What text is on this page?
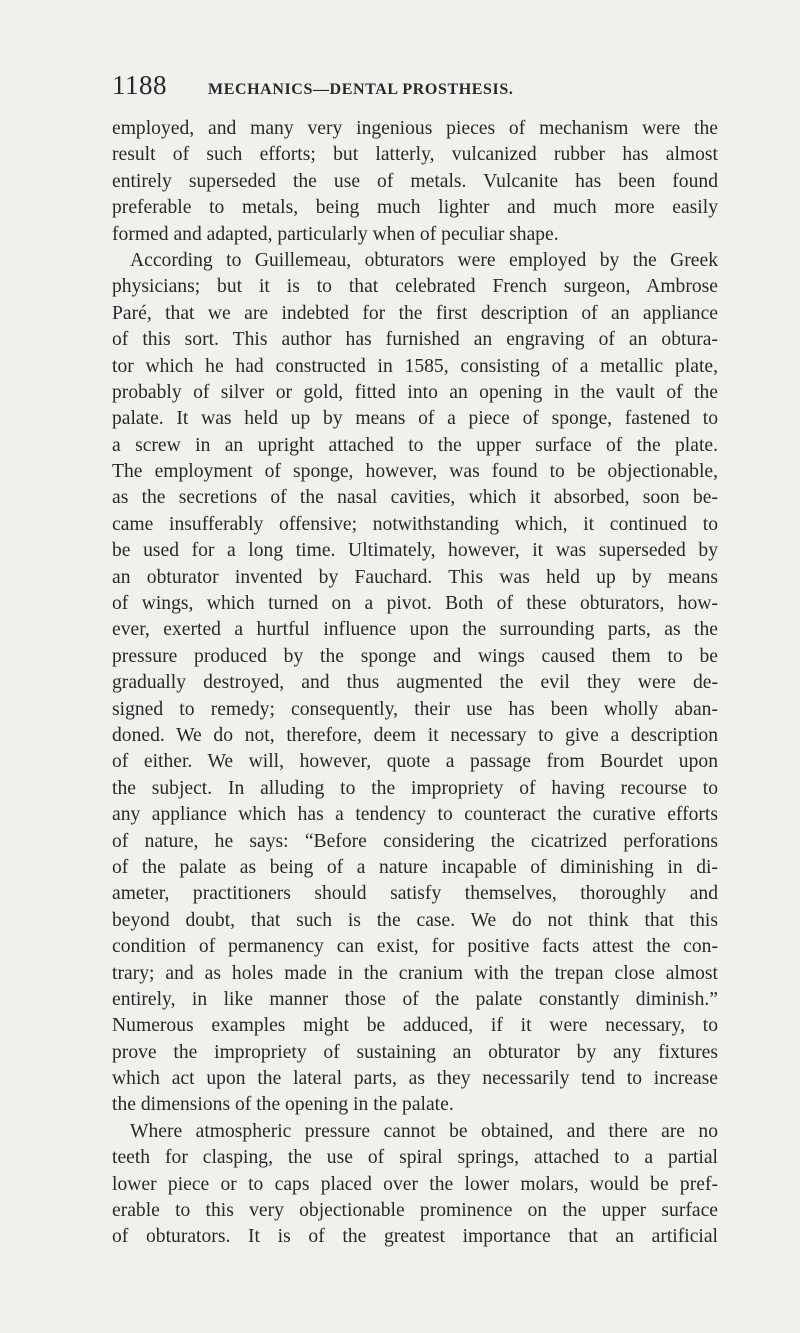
1188	MECHANICS—DENTAL PROSTHESIS.
employed, and many very ingenious pieces of mechanism were the
result of such efforts; but latterly, vulcanized rubber has almost
entirely superseded the use of metals. Vulcanite has been found
preferable to metals, being much lighter and much more easily
formed and adapted, particularly when of peculiar shape.
According to Guillemeau, obturators were employed by the Greek
physicians; but it is to that celebrated French surgeon, Ambrose
Paré, that we are indebted for the first description of an appliance
of this sort. This author has furnished an engraving of an obtura-
tor which he had constructed in 1585, consisting of a metallic plate,
probably of silver or gold, fitted into an opening in the vault of the
palate. It was held up by means of a piece of sponge, fastened to
a screw in an upright attached to the upper surface of the plate.
The employment of sponge, however, was found to be objectionable,
as the secretions of the nasal cavities, which it absorbed, soon be-
came insufferably offensive; notwithstanding which, it continued to
be used for a long time. Ultimately, however, it was superseded by
an obturator invented by Fauchard. This was held up by means
of wings, which turned on a pivot. Both of these obturators, how-
ever, exerted a hurtful influence upon the surrounding parts, as the
pressure produced by the sponge and wings caused them to be
gradually destroyed, and thus augmented the evil they were de-
signed to remedy; consequently, their use has been wholly aban-
doned. We do not, therefore, deem it necessary to give a description
of either. We will, however, quote a passage from Bourdet upon
the subject. In alluding to the impropriety of having recourse to
any appliance which has a tendency to counteract the curative efforts
of nature, he says: “Before considering the cicatrized perforations
of the palate as being of a nature incapable of diminishing in di-
ameter, practitioners should satisfy themselves, thoroughly and
beyond doubt, that such is the case. We do not think that this
condition of permanency can exist, for positive facts attest the con-
trary; and as holes made in the cranium with the trepan close almost
entirely, in like manner those of the palate constantly diminish.”
Numerous examples might be adduced, if it were necessary, to
prove the impropriety of sustaining an obturator by any fixtures
which act upon the lateral parts, as they necessarily tend to increase
the dimensions of the opening in the palate.
Where atmospheric pressure cannot be obtained, and there are no
teeth for clasping, the use of spiral springs, attached to a partial
lower piece or to caps placed over the lower molars, would be pref-
erable to this very objectionable prominence on the upper surface
of obturators. It is of the greatest importance that an artificial
